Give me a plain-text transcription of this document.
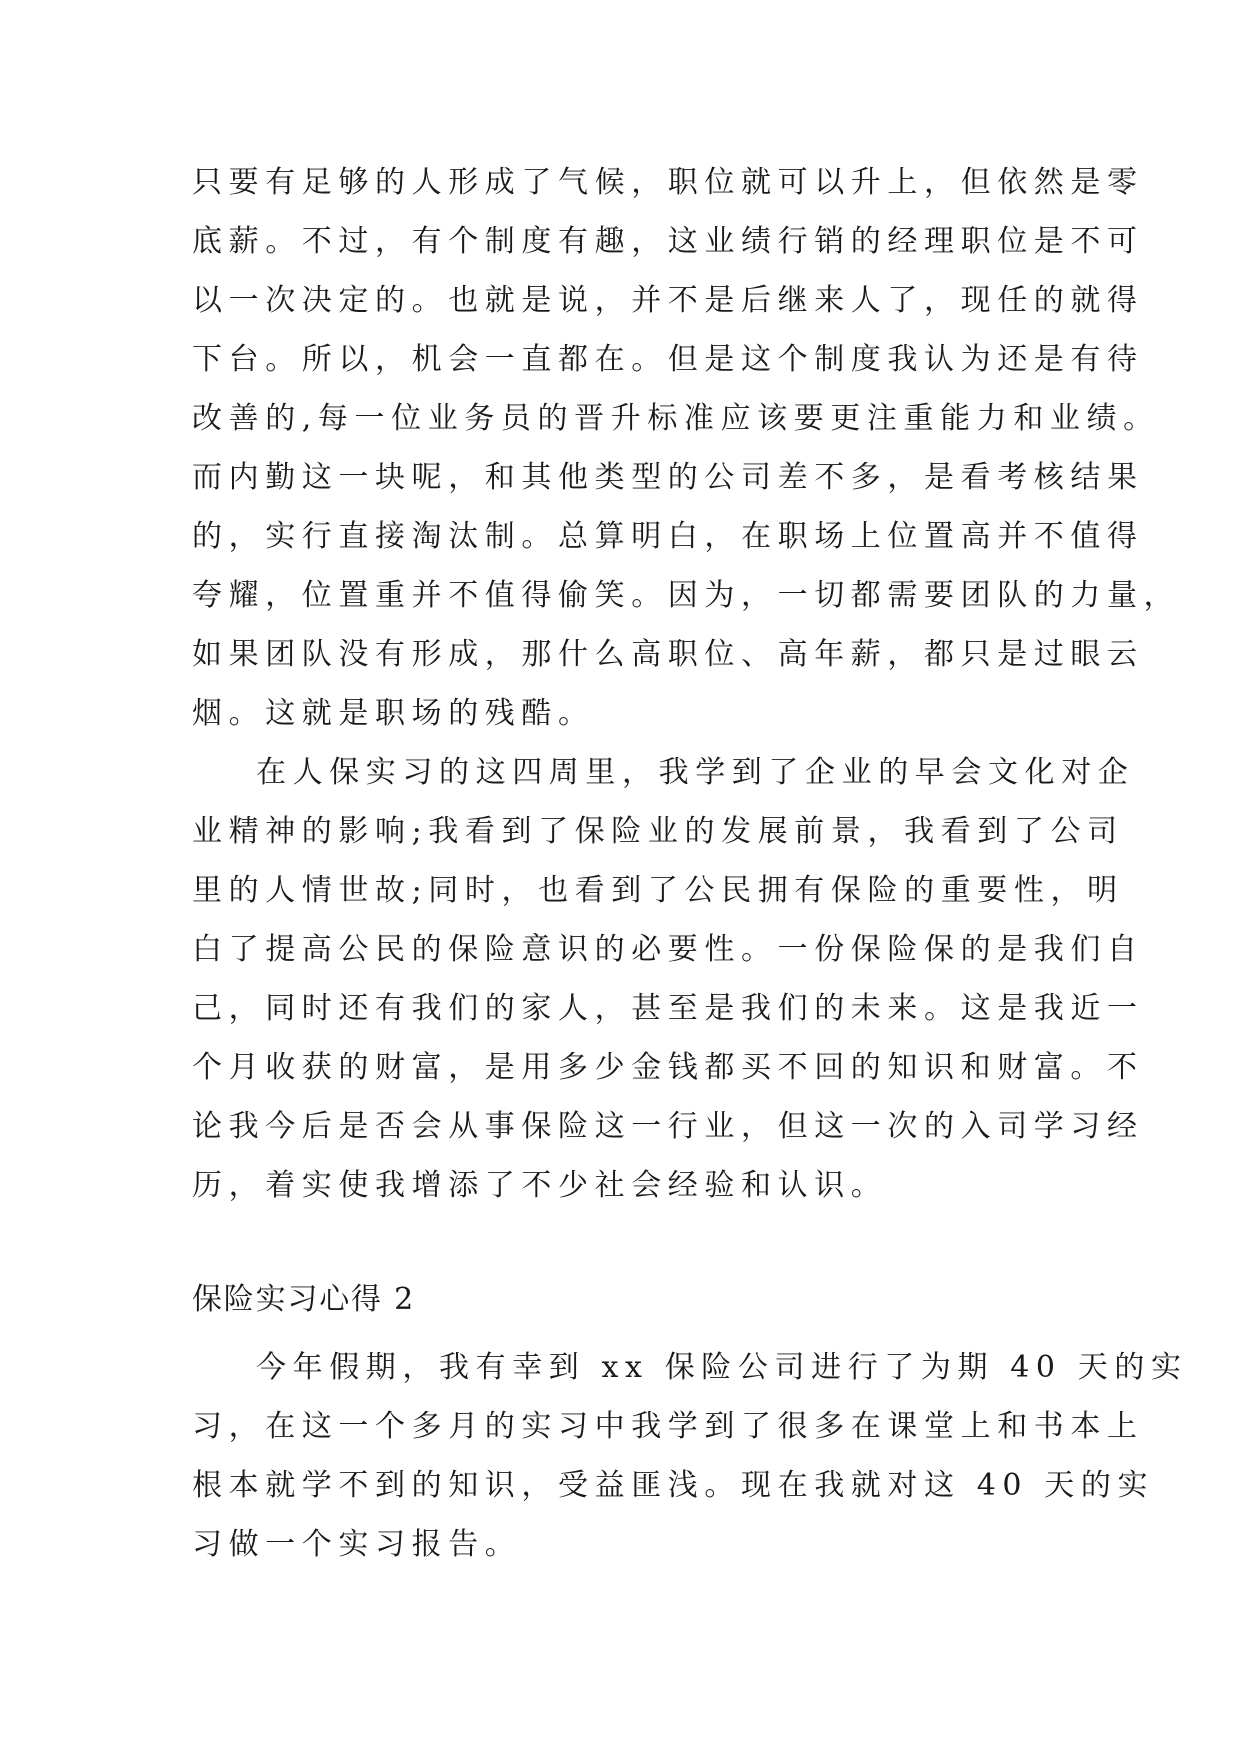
只要有足够的人形成了气候，职位就可以升上，但依然是零
底薪。不过，有个制度有趣，这业绩行销的经理职位是不可
以一次决定的。也就是说，并不是后继来人了，现任的就得
下台。所以，机会一直都在。但是这个制度我认为还是有待
改善的,每一位业务员的晋升标准应该要更注重能力和业绩。
而内勤这一块呢，和其他类型的公司差不多，是看考核结果
的，实行直接淘汰制。总算明白，在职场上位置高并不值得
夸耀，位置重并不值得偷笑。因为，一切都需要团队的力量，
如果团队没有形成，那什么高职位、高年薪，都只是过眼云
烟。这就是职场的残酷。
在人保实习的这四周里，我学到了企业的早会文化对企
业精神的影响;我看到了保险业的发展前景，我看到了公司
里的人情世故;同时，也看到了公民拥有保险的重要性，明
白了提高公民的保险意识的必要性。一份保险保的是我们自
己，同时还有我们的家人，甚至是我们的未来。这是我近一
个月收获的财富，是用多少金钱都买不回的知识和财富。不
论我今后是否会从事保险这一行业，但这一次的入司学习经
历，着实使我增添了不少社会经验和认识。
保险实习心得 2
今年假期，我有幸到 xx 保险公司进行了为期 40 天的实
习，在这一个多月的实习中我学到了很多在课堂上和书本上
根本就学不到的知识，受益匪浅。现在我就对这 40 天的实
习做一个实习报告。
